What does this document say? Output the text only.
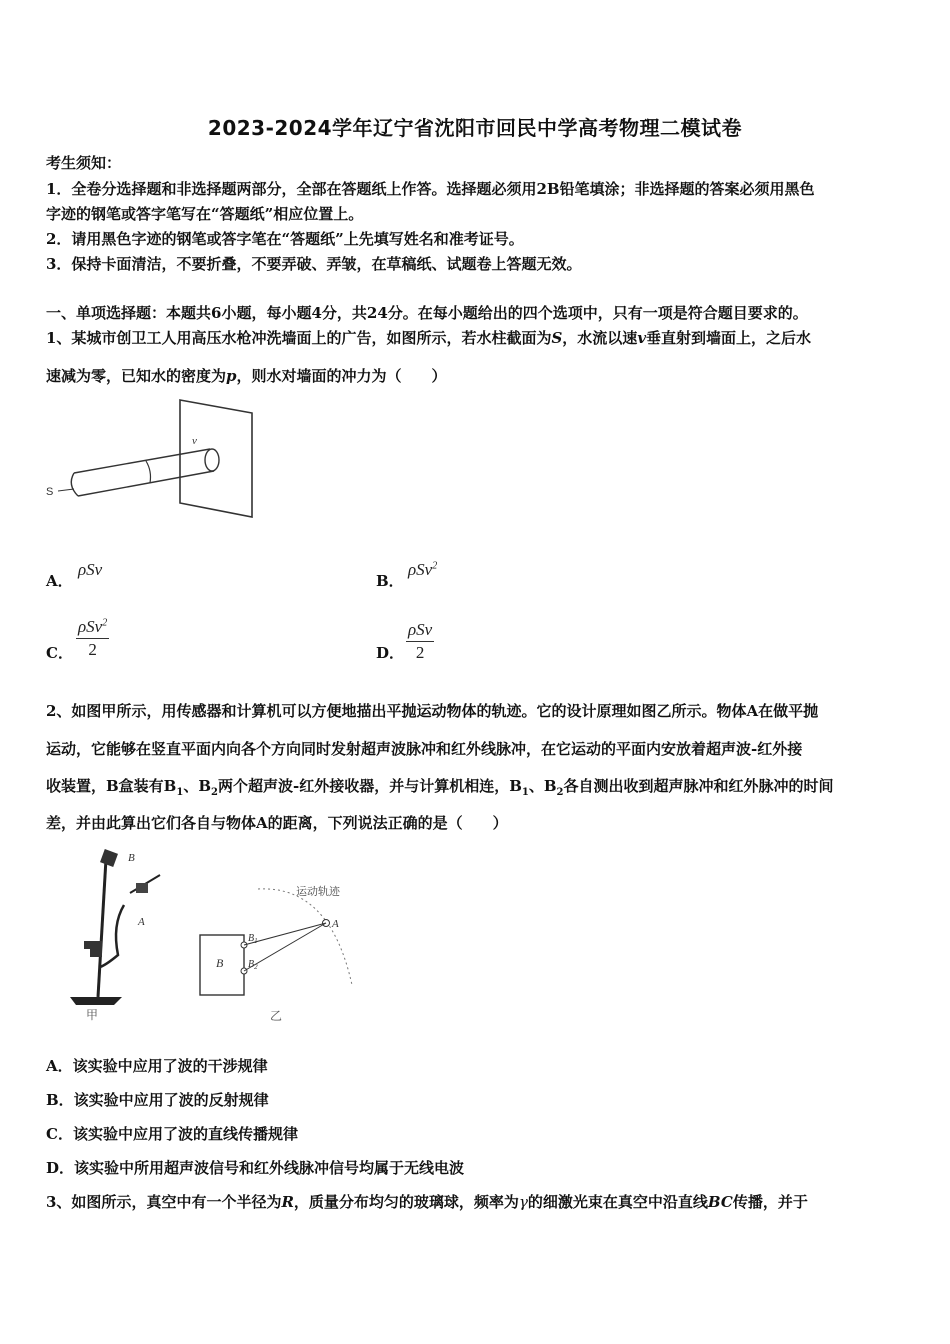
2023-2024学年辽宁省沈阳市回民中学高考物理二模试卷
考生须知：
1．全卷分选择题和非选择题两部分，全部在答题纸上作答。选择题必须用2B铅笔填涂；非选择题的答案必须用黑色
字迹的钢笔或答字笔写在“答题纸”相应位置上。
2．请用黑色字迹的钢笔或答字笔在“答题纸”上先填写姓名和准考证号。
3．保持卡面清洁，不要折叠，不要弄破、弄皱，在草稿纸、试题卷上答题无效。
一、单项选择题：本题共6小题，每小题4分，共24分。在每小题给出的四个选项中，只有一项是符合题目要求的。
1、某城市创卫工人用高压水枪冲洗墙面上的广告，如图所示，若水柱截面为S，水流以速v垂直射到墙面上，之后水
速减为零，已知水的密度为p，则水对墙面的冲力为（　　）
v
S
A．
ρSv
B．
ρSv$^2$
C．
ρSv$^2$
2	D．
ρSv
2
2、如图甲所示，用传感器和计算机可以方便地描出平抛运动物体的轨迹。它的设计原理如图乙所示。物体A在做平抛
运动，它能够在竖直平面内向各个方向同时发射超声波脉冲和红外线脉冲，在它运动的平面内安放着超声波-红外接
收装置，B盒装有$B_1$、$B_2$两个超声波-红外接收器，并与计算机相连，$B_1$、$B_2$各自测出收到超声脉冲和红外脉冲的时间
差，并由此算出它们各自与物体A的距离，下列说法正确的是（　　）
B
A
甲
运动轨迹
A
B
$B_1$
$B_2$
乙
A．该实验中应用了波的干涉规律
B．该实验中应用了波的反射规律
C．该实验中应用了波的直线传播规律
D．该实验中所用超声波信号和红外线脉冲信号均属于无线电波
3、如图所示，真空中有一个半径为R，质量分布均匀的玻璃球，频率为γ的细激光束在真空中沿直线BC传播，并于
